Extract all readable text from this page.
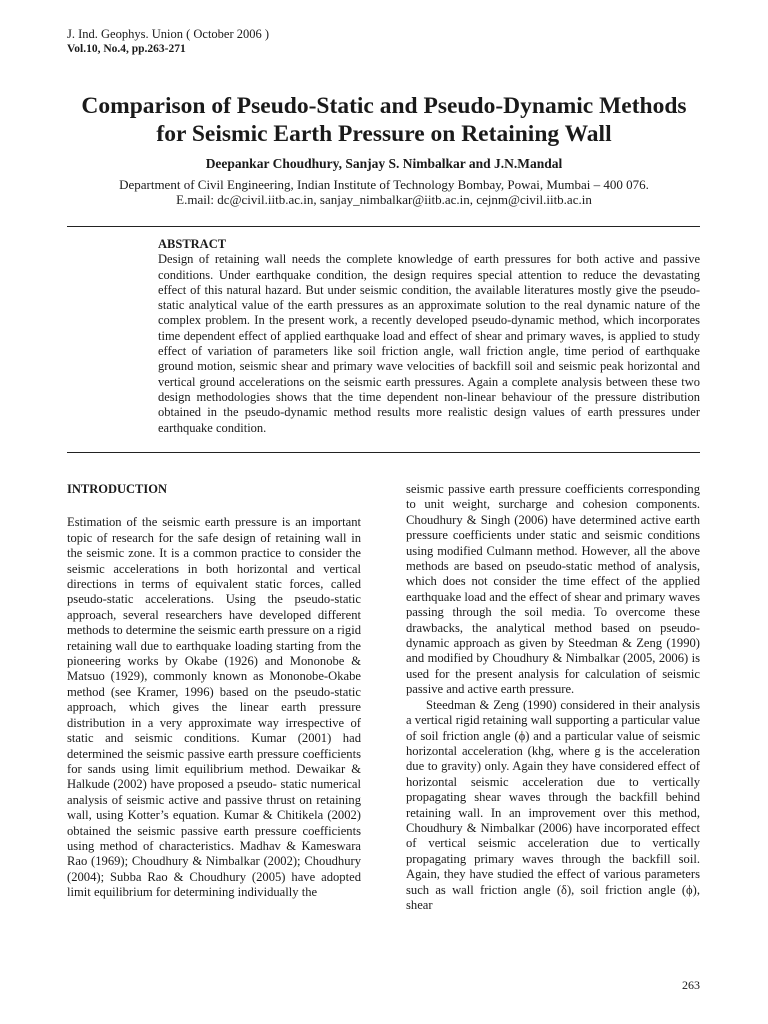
J. Ind. Geophys. Union ( October 2006 )
Vol.10, No.4, pp.263-271
Comparison of Pseudo-Static and Pseudo-Dynamic Methods
for Seismic Earth Pressure on Retaining Wall
Deepankar Choudhury, Sanjay S. Nimbalkar and J.N.Mandal
Department of Civil Engineering, Indian Institute of Technology Bombay, Powai, Mumbai – 400 076.
E.mail: dc@civil.iitb.ac.in, sanjay_nimbalkar@iitb.ac.in, cejnm@civil.iitb.ac.in
ABSTRACT

Design of retaining wall needs the complete knowledge of earth pressures for both active and passive conditions. Under earthquake condition, the design requires special attention to reduce the devastating effect of this natural hazard. But under seismic condition, the available literatures mostly give the pseudo-static analytical value of the earth pressures as an approximate solution to the real dynamic nature of the complex problem. In the present work, a recently developed pseudo-dynamic method, which incorporates time dependent effect of applied earthquake load and effect of shear and primary waves, is applied to study effect of variation of parameters like soil friction angle, wall friction angle, time period of earthquake ground motion, seismic shear and primary wave velocities of backfill soil and seismic peak horizontal and vertical ground accelerations on the seismic earth pressures. Again a complete analysis between these two design methodologies shows that the time dependent non-linear behaviour of the pressure distribution obtained in the pseudo-dynamic method results more realistic design values of earth pressures under earthquake condition.

INTRODUCTION

Estimation of the seismic earth pressure is an important topic of research for the safe design of retaining wall in the seismic zone. It is a common practice to consider the seismic accelerations in both horizontal and vertical directions in terms of equivalent static forces, called pseudo-static accelerations. Using the pseudo-static approach, several researchers have developed different methods to determine the seismic earth pressure on a rigid retaining wall due to earthquake loading starting from the pioneering works by Okabe (1926) and Mononobe & Matsuo (1929), commonly known as Mononobe-Okabe method (see Kramer, 1996) based on the pseudo-static approach, which gives the linear earth pressure distribution in a very approximate way irrespective of static and seismic conditions. Kumar (2001) had determined the seismic passive earth pressure coefficients for sands using limit equilibrium method. Dewaikar & Halkude (2002) have proposed a pseudo- static numerical analysis of seismic active and passive thrust on retaining wall, using Kotter’s equation. Kumar & Chitikela (2002) obtained the seismic passive earth pressure coefficients using method of characteristics. Madhav & Kameswara Rao (1969); Choudhury & Nimbalkar (2002); Choudhury (2004); Subba Rao & Choudhury (2005) have adopted limit equilibrium for determining individually the

seismic passive earth pressure coefficients corresponding to unit weight, surcharge and cohesion components. Choudhury & Singh (2006) have determined active earth pressure coefficients under static and seismic conditions using modified Culmann method. However, all the above methods are based on pseudo-static method of analysis, which does not consider the time effect of the applied earthquake load and the effect of shear and primary waves passing through the soil media. To overcome these drawbacks, the analytical method based on pseudo-dynamic approach as given by Steedman & Zeng (1990) and modified by Choudhury & Nimbalkar (2005, 2006) is used for the present analysis for calculation of seismic passive and active earth pressure.

Steedman & Zeng (1990) considered in their analysis a vertical rigid retaining wall supporting a particular value of soil friction angle (ϕ) and a particular value of seismic horizontal acceleration (khg, where g is the acceleration due to gravity) only. Again they have considered effect of horizontal seismic acceleration due to vertically propagating shear waves through the backfill behind retaining wall. In an improvement over this method, Choudhury & Nimbalkar (2006) have incorporated effect of vertical seismic acceleration due to vertically propagating primary waves through the backfill soil. Again, they have studied the effect of various parameters such as wall friction angle (δ), soil friction angle (ϕ), shear

263
